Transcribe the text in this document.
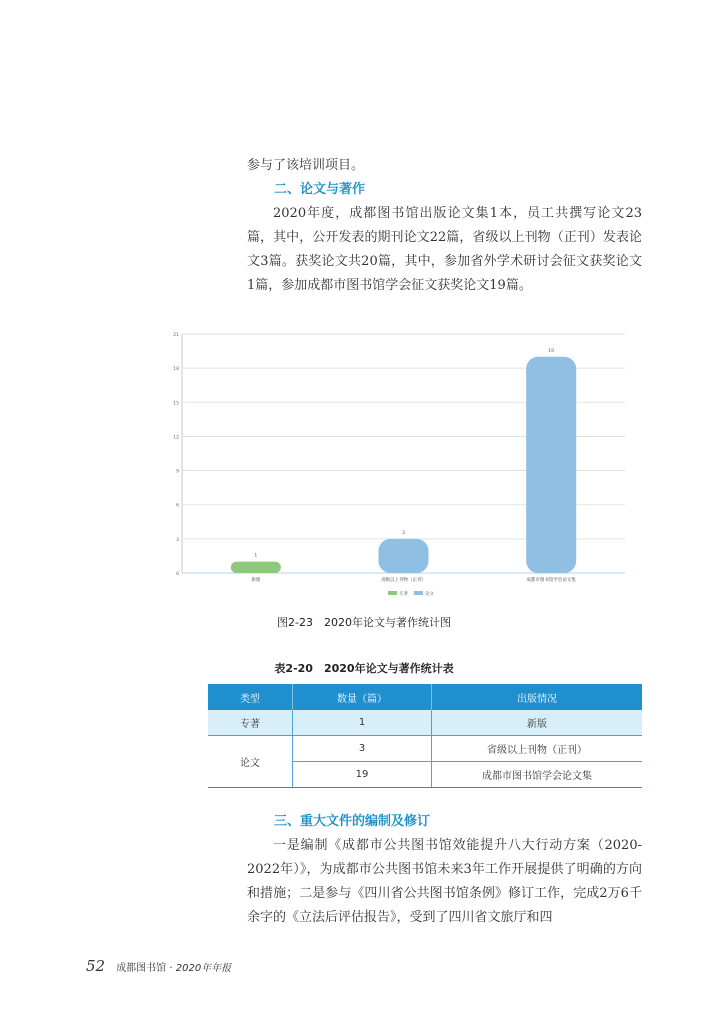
参与了该培训项目。

二、论文与著作

2020年度，成都图书馆出版论文集1本，员工共撰写论文23篇，其中，公开发表的期刊论文22篇，省级以上刊物（正刊）发表论文3篇。获奖论文共20篇，其中，参加省外学术研讨会征文获奖论文1篇，参加成都市图书馆学会征文获奖论文19篇。

0
3
6
9
12
15
18
21
1
新版
3
省级以上刊物（正刊）
19
成都市图书馆学会论文集
专著	论文

图2-23　2020年论文与著作统计图

表2-20　2020年论文与著作统计表

类型	数量（篇）	出版情况
专著	1	新版
论文	3	省级以上刊物（正刊）
	19	成都市图书馆学会论文集
三、重大文件的编制及修订

一是编制《成都市公共图书馆效能提升八大行动方案（2020-2022年）》，为成都市公共图书馆未来3年工作开展提供了明确的方向和措施；二是参与《四川省公共图书馆条例》修订工作，完成2万6千余字的《立法后评估报告》，受到了四川省文旅厅和四

52 成都图书馆 · 2020年年报
